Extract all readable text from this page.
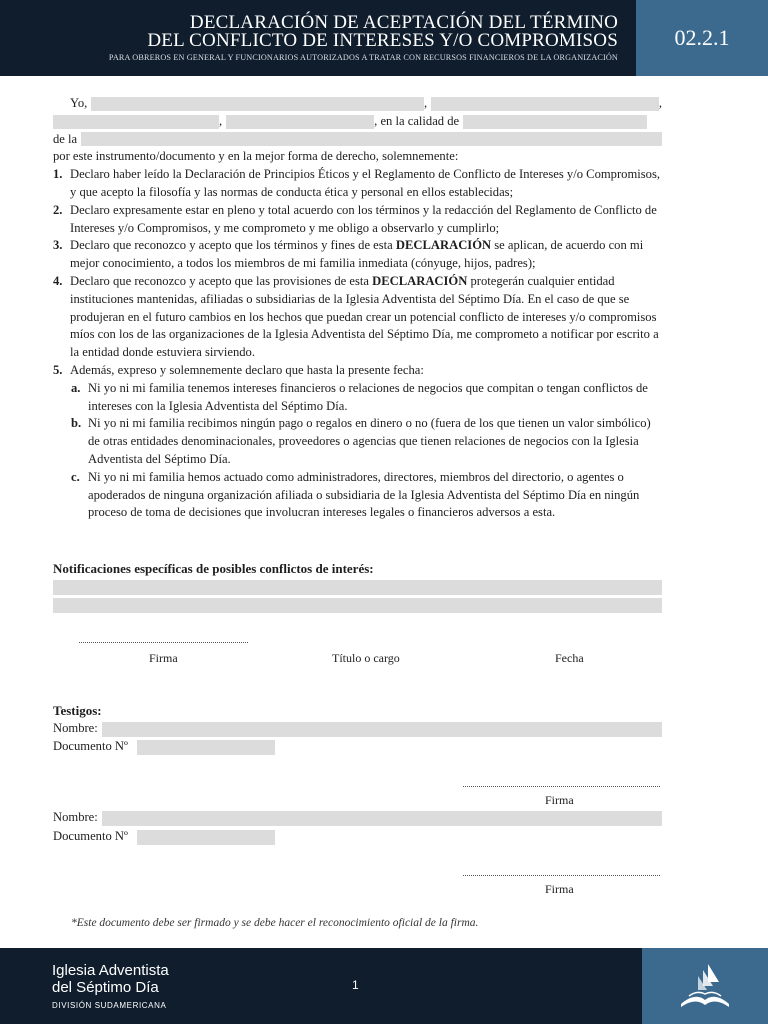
DECLARACIÓN DE ACEPTACIÓN DEL TÉRMINO
DEL CONFLICTO DE INTERESES Y/O COMPROMISOS
PARA OBREROS EN GENERAL Y FUNCIONARIOS AUTORIZADOS A TRATAR CON RECURSOS FINANCIEROS DE LA ORGANIZACIÓN
02.2.1
Yo,	,	,
,	, en la calidad de
de la
por este instrumento/documento y en la mejor forma de derecho, solemnemente:
1. Declaro haber leído la Declaración de Principios Éticos y el Reglamento de Conflicto de Intereses y/o Compromisos, y que acepto la filosofía y las normas de conducta ética y personal en ellos establecidas;
2. Declaro expresamente estar en pleno y total acuerdo con los términos y la redacción del Reglamento de Conflicto de Intereses y/o Compromisos, y me comprometo y me obligo a observarlo y cumplirlo;
3. Declaro que reconozco y acepto que los términos y fines de esta DECLARACIÓN se aplican, de acuerdo con mi mejor conocimiento, a todos los miembros de mi familia inmediata (cónyuge, hijos, padres);
4. Declaro que reconozco y acepto que las provisiones de esta DECLARACIÓN protegerán cualquier entidad instituciones mantenidas, afiliadas o subsidiarias de la Iglesia Adventista del Séptimo Día. En el caso de que se produjeran en el futuro cambios en los hechos que puedan crear un potencial conflicto de intereses y/o compromisos míos con los de las organizaciones de la Iglesia Adventista del Séptimo Día, me comprometo a notificar por escrito a la entidad donde estuviera sirviendo.
5. Además, expreso y solemnemente declaro que hasta la presente fecha:
a. Ni yo ni mi familia tenemos intereses financieros o relaciones de negocios que compitan o tengan conflictos de intereses con la Iglesia Adventista del Séptimo Día.
b. Ni yo ni mi familia recibimos ningún pago o regalos en dinero o no (fuera de los que tienen un valor simbólico) de otras entidades denominacionales, proveedores o agencias que tienen relaciones de negocios con la Iglesia Adventista del Séptimo Día.
c. Ni yo ni mi familia hemos actuado como administradores, directores, miembros del directorio, o agentes o apoderados de ninguna organización afiliada o subsidiaria de la Iglesia Adventista del Séptimo Día en ningún proceso de toma de decisiones que involucran intereses legales o financieros adversos a esta.
Notificaciones específicas de posibles conflictos de interés:
Firma	Título o cargo	Fecha
Testigos:
Nombre:
Documento Nº
Firma
Nombre:
Documento Nº
Firma
*Este documento debe ser firmado y se debe hacer el reconocimiento oficial de la firma.
Iglesia Adventista
del Séptimo Día
DIVISIÓN SUDAMERICANA
1
